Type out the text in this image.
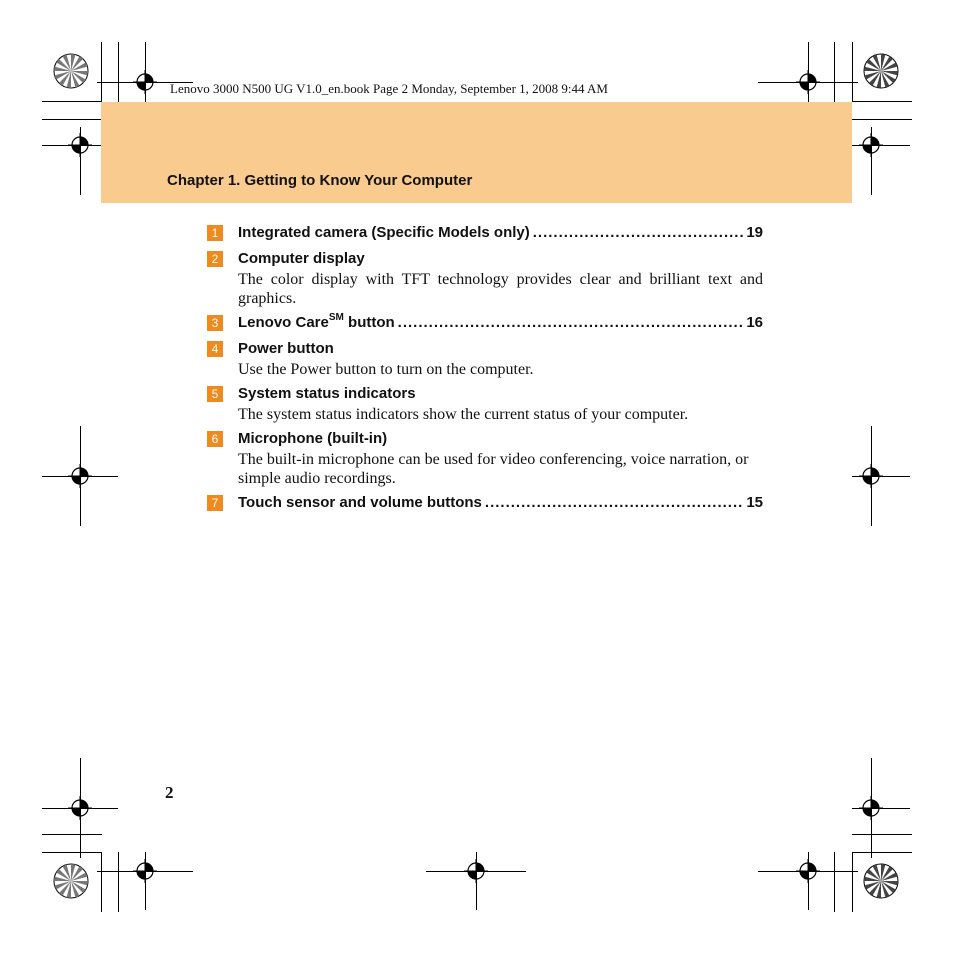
Lenovo 3000 N500 UG V1.0_en.book Page 2 Monday, September 1, 2008 9:44 AM
Chapter 1. Getting to Know Your Computer
1	Integrated camera (Specific Models only) .....	19
2	Computer display
The color display with TFT technology provides clear and brilliant text and graphics.
3	Lenovo Care℠ button .....	16
4	Power button
Use the Power button to turn on the computer.
5	System status indicators
The system status indicators show the current status of your computer.
6	Microphone (built-in)
The built-in microphone can be used for video conferencing, voice narration, or simple audio recordings.
7	Touch sensor and volume buttons .....	15
2
